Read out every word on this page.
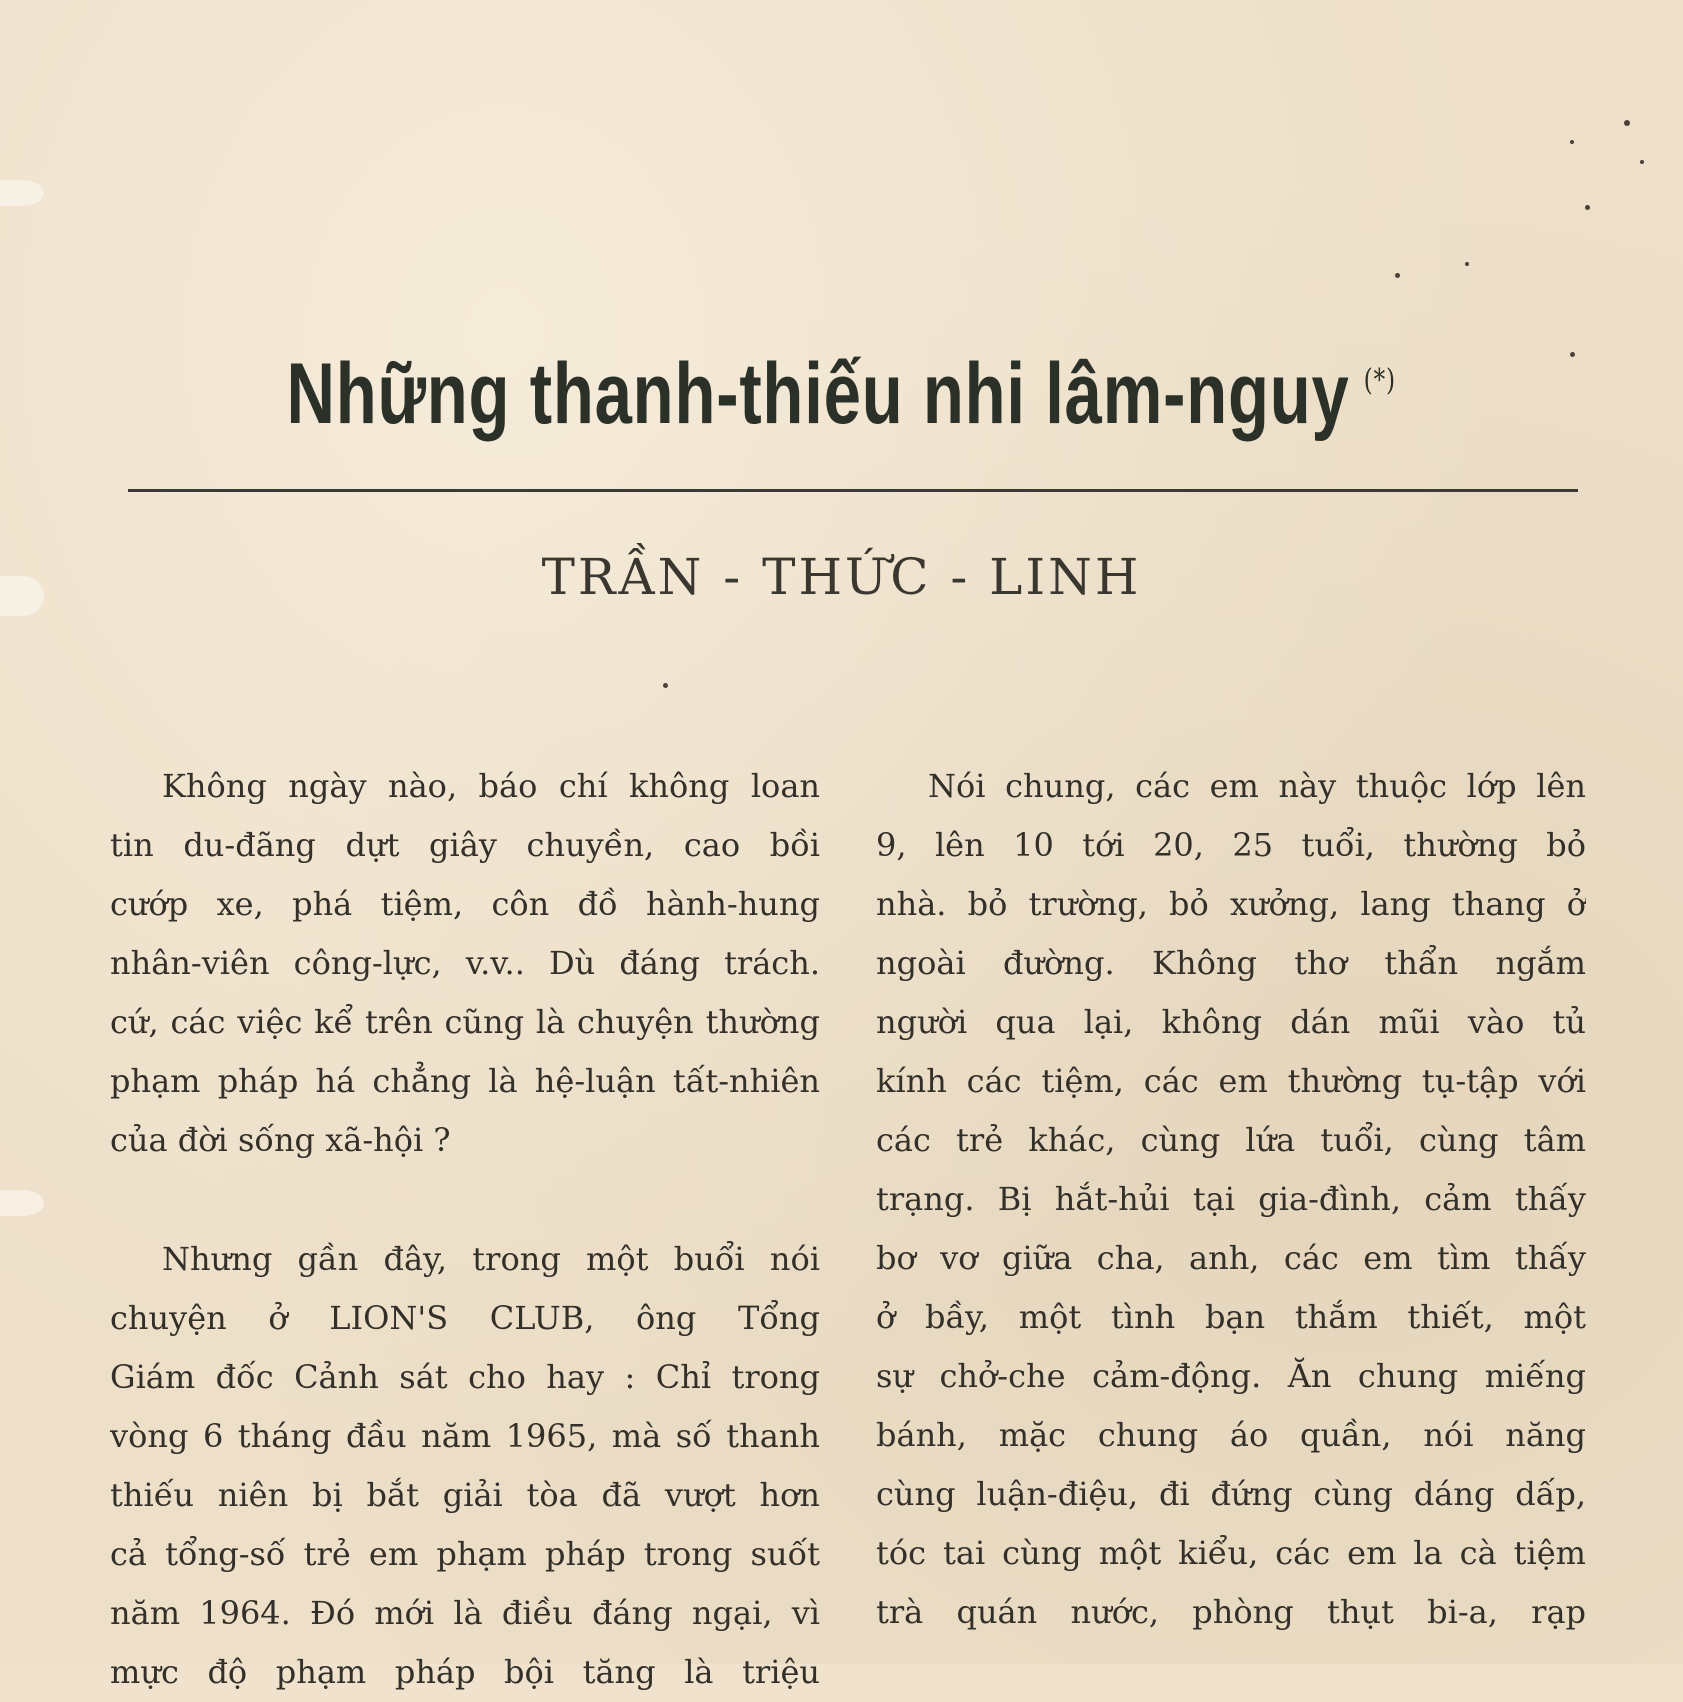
Những thanh-thiếu nhi lâm-nguy (*)
TRẦN - THỨC - LINH
Không ngày nào, báo chí không loan
tin du-đãng dựt giây chuyền, cao bồi
cướp xe, phá tiệm, côn đồ hành-hung
nhân-viên công-lực, v.v.. Dù đáng trách.
cứ, các việc kể trên cũng là chuyện thường
phạm pháp há chẳng là hệ-luận tất-nhiên
của đời sống xã-hội ?
Nhưng gần đây, trong một buổi nói
chuyện ở LION'S CLUB, ông Tổng
Giám đốc Cảnh sát cho hay : Chỉ trong
vòng 6 tháng đầu năm 1965, mà số thanh
thiếu niên bị bắt giải tòa đã vượt hơn
cả tổng-số trẻ em phạm pháp trong suốt
năm 1964. Đó mới là điều đáng ngại, vì
mực độ phạm pháp bội tăng là triệu
Nói chung, các em này thuộc lớp lên
9, lên 10 tới 20, 25 tuổi, thường bỏ
nhà. bỏ trường, bỏ xưởng, lang thang ở
ngoài đường. Không thơ thẩn ngắm
người qua lại, không dán mũi vào tủ
kính các tiệm, các em thường tụ-tập với
các trẻ khác, cùng lứa tuổi, cùng tâm
trạng. Bị hắt-hủi tại gia-đình, cảm thấy
bơ vơ giữa cha, anh, các em tìm thấy
ở bầy, một tình bạn thắm thiết, một
sự chở-che cảm-động. Ăn chung miếng
bánh, mặc chung áo quần, nói năng
cùng luận-điệu, đi đứng cùng dáng dấp,
tóc tai cùng một kiểu, các em la cà tiệm
trà quán nước, phòng thụt bi-a, rạp
